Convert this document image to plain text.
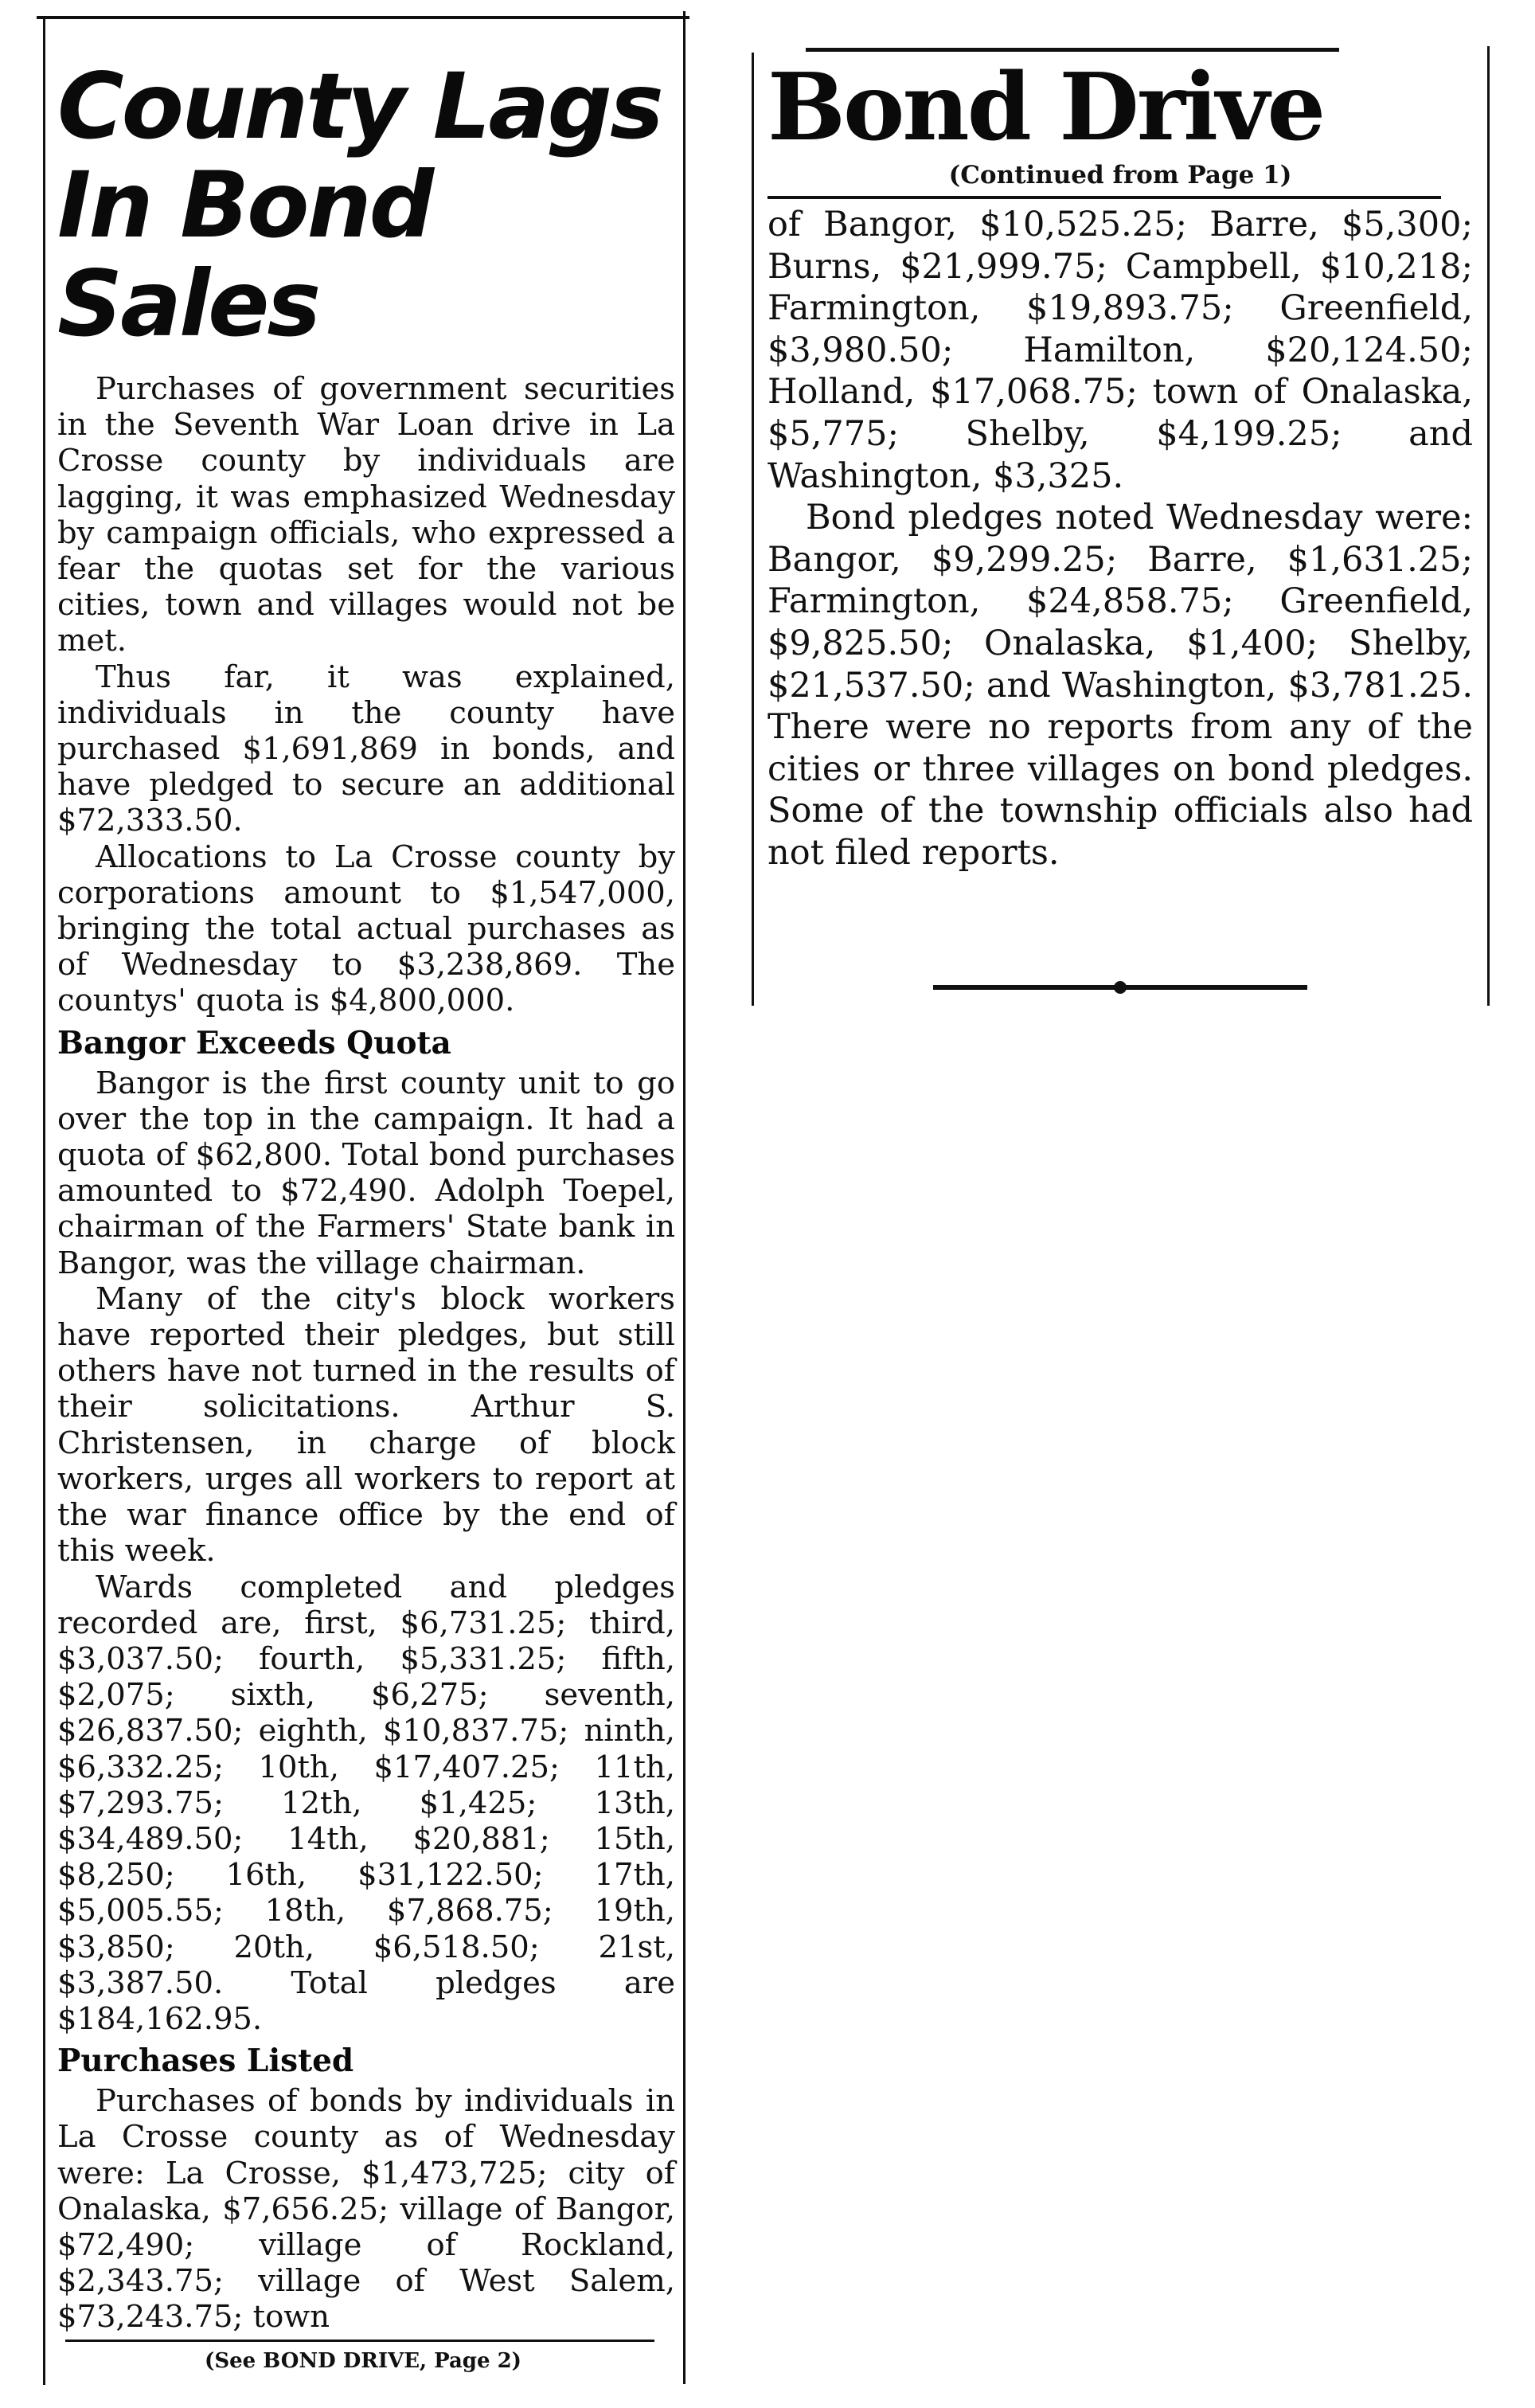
County Lags

In Bond Sales

Purchases of government securities in the Seventh War Loan drive in La Crosse county by individuals are lagging, it was emphasized Wednesday by campaign officials, who expressed a fear the quotas set for the various cities, town and villages would not be met.

Thus far, it was explained, individuals in the county have purchased $1,691,869 in bonds, and have pledged to secure an additional $72,333.50.

Allocations to La Crosse county by corporations amount to $1,547,000, bringing the total actual purchases as of Wednesday to $3,238,869. The countys' quota is $4,800,000.

Bangor Exceeds Quota

Bangor is the first county unit to go over the top in the campaign. It had a quota of $62,800. Total bond purchases amounted to $72,490. Adolph Toepel, chairman of the Farmers' State bank in Bangor, was the village chairman.

Many of the city's block workers have reported their pledges, but still others have not turned in the results of their solicitations. Arthur S. Christensen, in charge of block workers, urges all workers to report at the war finance office by the end of this week.

Wards completed and pledges recorded are, first, $6,731.25; third, $3,037.50; fourth, $5,331.25; fifth, $2,075; sixth, $6,275; seventh, $26,837.50; eighth, $10,837.75; ninth, $6,332.25; 10th, $17,407.25; 11th, $7,293.75; 12th, $1,425; 13th, $34,489.50; 14th, $20,881; 15th, $8,250; 16th, $31,122.50; 17th, $5,005.55; 18th, $7,868.75; 19th, $3,850; 20th, $6,518.50; 21st, $3,387.50. Total pledges are $184,162.95.

Purchases Listed

Purchases of bonds by individuals in La Crosse county as of Wednesday were: La Crosse, $1,473,725; city of Onalaska, $7,656.25; village of Bangor, $72,490; village of Rockland, $2,343.75; village of West Salem, $73,243.75; town

(See BOND DRIVE, Page 2)

Bond Drive

(Continued from Page 1)

of Bangor, $10,525.25; Barre, $5,300; Burns, $21,999.75; Campbell, $10,218; Farmington, $19,893.75; Greenfield, $3,980.50; Hamilton, $20,124.50; Holland, $17,068.75; town of Onalaska, $5,775; Shelby, $4,199.25; and Washington, $3,325.

Bond pledges noted Wednesday were: Bangor, $9,299.25; Barre, $1,631.25; Farmington, $24,858.75; Greenfield, $9,825.50; Onalaska, $1,400; Shelby, $21,537.50; and Washington, $3,781.25. There were no reports from any of the cities or three villages on bond pledges. Some of the township officials also had not filed reports.
